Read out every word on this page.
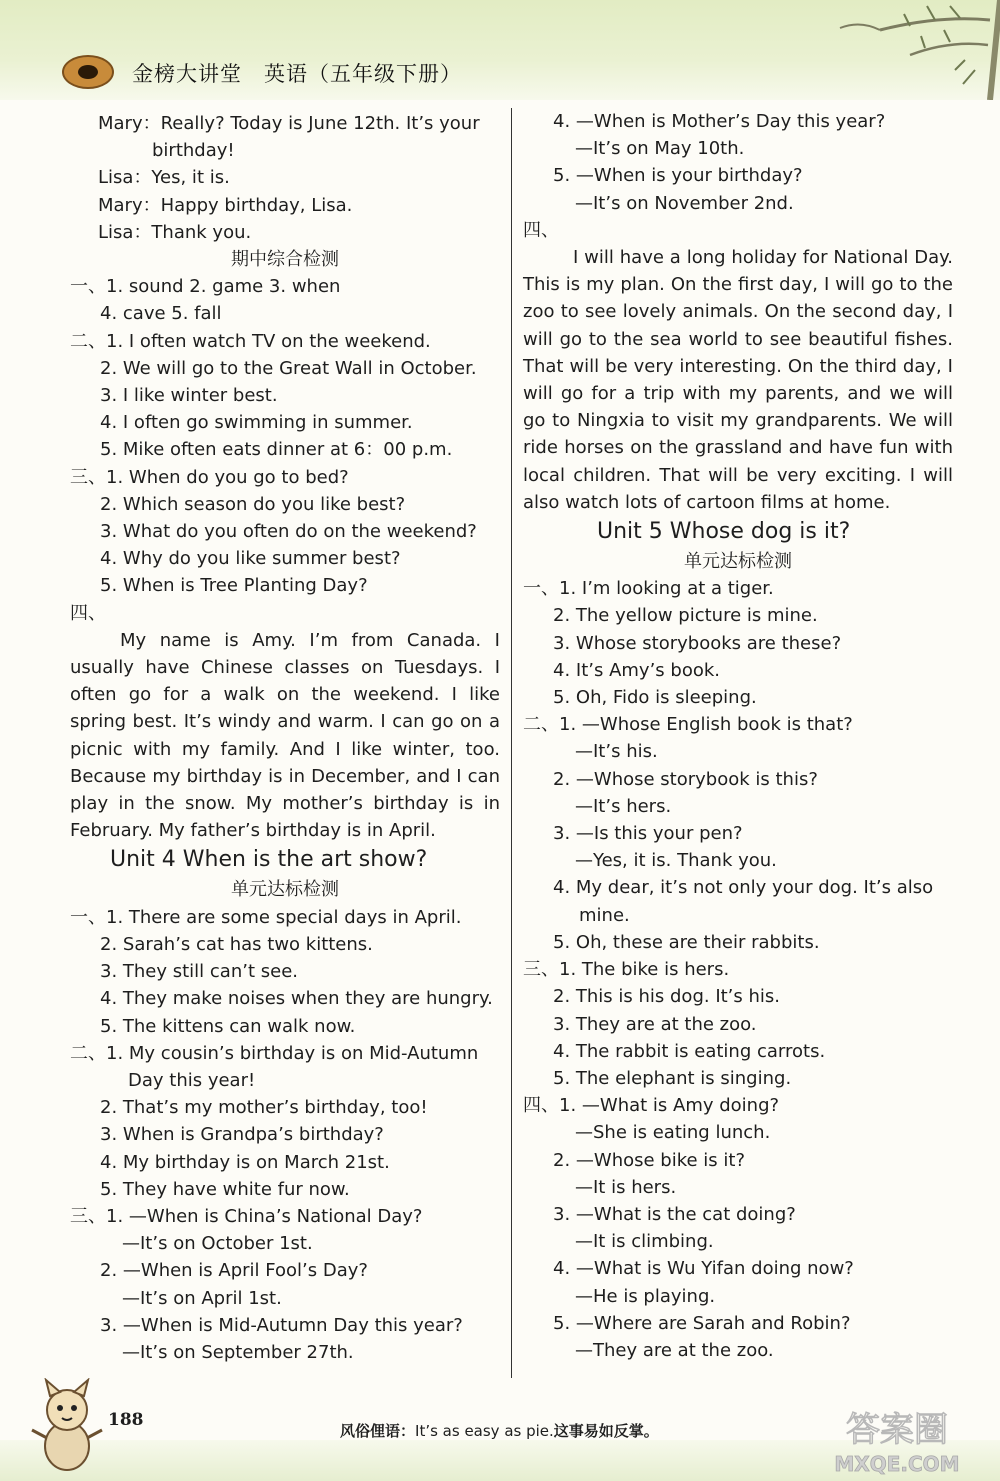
金榜大讲堂 英语（五年级下册）
Mary：Really? Today is June 12th. It’s your
birthday!
Lisa：Yes, it is.
Mary：Happy birthday, Lisa.
Lisa：Thank you.
期中综合检测
一、1. sound 2. game 3. when
4. cave 5. fall
二、1. I often watch TV on the weekend.
2. We will go to the Great Wall in October.
3. I like winter best.
4. I often go swimming in summer.
5. Mike often eats dinner at 6：00 p.m.
三、1. When do you go to bed?
2. Which season do you like best?
3. What do you often do on the weekend?
4. Why do you like summer best?
5. When is Tree Planting Day?
四、
My name is Amy. I’m from Canada. I usually have Chinese classes on Tuesdays. I often go for a walk on the weekend. I like spring best. It’s windy and warm. I can go on a picnic with my family. And I like winter, too. Because my birthday is in December, and I can play in the snow. My mother’s birthday is in February. My father’s birthday is in April.
Unit 4 When is the art show?
单元达标检测
一、1. There are some special days in April.
2. Sarah’s cat has two kittens.
3. They still can’t see.
4. They make noises when they are hungry.
5. The kittens can walk now.
二、1. My cousin’s birthday is on Mid-Autumn
Day this year!
2. That’s my mother’s birthday, too!
3. When is Grandpa’s birthday?
4. My birthday is on March 21st.
5. They have white fur now.
三、1. —When is China’s National Day?
—It’s on October 1st.
2. —When is April Fool’s Day?
—It’s on April 1st.
3. —When is Mid-Autumn Day this year?
—It’s on September 27th.
4. —When is Mother’s Day this year?
—It’s on May 10th.
5. —When is your birthday?
—It’s on November 2nd.
四、
I will have a long holiday for National Day. This is my plan. On the first day, I will go to the zoo to see lovely animals. On the second day, I will go to the sea world to see beautiful fishes. That will be very interesting. On the third day, I will go for a trip with my parents, and we will go to Ningxia to visit my grandparents. We will ride horses on the grassland and have fun with local children. That will be very exciting. I will also watch lots of cartoon films at home.
Unit 5 Whose dog is it?
单元达标检测
一、1. I’m looking at a tiger.
2. The yellow picture is mine.
3. Whose storybooks are these?
4. It’s Amy’s book.
5. Oh, Fido is sleeping.
二、1. —Whose English book is that?
—It’s his.
2. —Whose storybook is this?
—It’s hers.
3. —Is this your pen?
—Yes, it is. Thank you.
4. My dear, it’s not only your dog. It’s also
mine.
5. Oh, these are their rabbits.
三、1. The bike is hers.
2. This is his dog. It’s his.
3. They are at the zoo.
4. The rabbit is eating carrots.
5. The elephant is singing.
四、1. —What is Amy doing?
—She is eating lunch.
2. —Whose bike is it?
—It is hers.
3. —What is the cat doing?
—It is climbing.
4. —What is Wu Yifan doing now?
—He is playing.
5. —Where are Sarah and Robin?
—They are at the zoo.
188
风俗俚语：It’s as easy as pie.这事易如反掌。	答案圈
MXQE.COM
